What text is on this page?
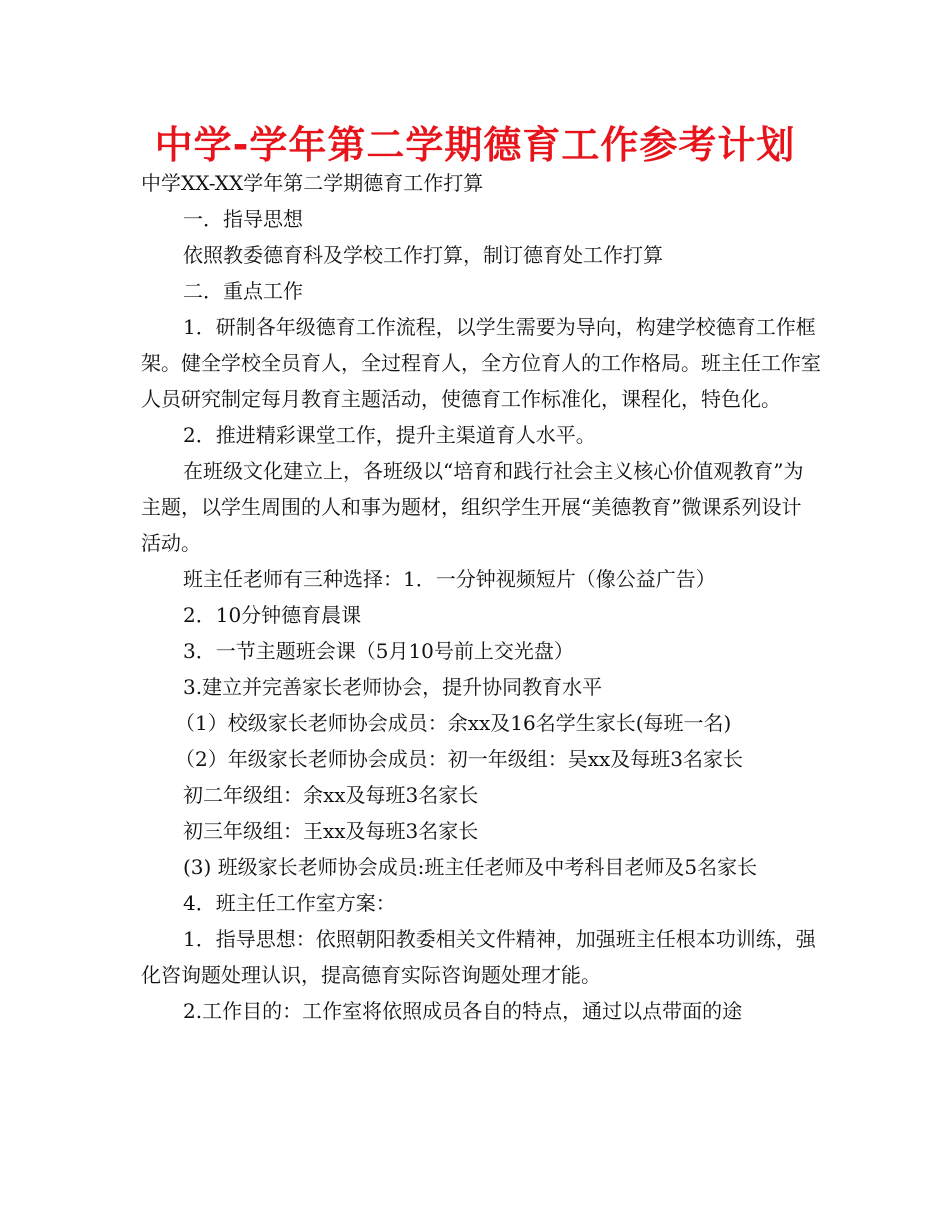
中学-学年第二学期德育工作参考计划

中学XX-XX学年第二学期德育工作打算

一．指导思想

依照教委德育科及学校工作打算，制订德育处工作打算

二．重点工作

1．研制各年级德育工作流程，以学生需要为导向，构建学校德育工作框架。健全学校全员育人，全过程育人，全方位育人的工作格局。班主任工作室人员研究制定每月教育主题活动，使德育工作标准化，课程化，特色化。

2．推进精彩课堂工作，提升主渠道育人水平。

在班级文化建立上，各班级以“培育和践行社会主义核心价值观教育”为主题，以学生周围的人和事为题材，组织学生开展“美德教育”微课系列设计活动。

班主任老师有三种选择：1．一分钟视频短片（像公益广告）

2．10分钟德育晨课

3．一节主题班会课（5月10号前上交光盘）

3.建立并完善家长老师协会，提升协同教育水平

（1）校级家长老师协会成员：余xx及16名学生家长(每班一名)

（2）年级家长老师协会成员：初一年级组：吴xx及每班3名家长

初二年级组：余xx及每班3名家长

初三年级组：王xx及每班3名家长

(3) 班级家长老师协会成员:班主任老师及中考科目老师及5名家长

4．班主任工作室方案：

1．指导思想：依照朝阳教委相关文件精神，加强班主任根本功训练，强化咨询题处理认识，提高德育实际咨询题处理才能。

2.工作目的：工作室将依照成员各自的特点，通过以点带面的途
